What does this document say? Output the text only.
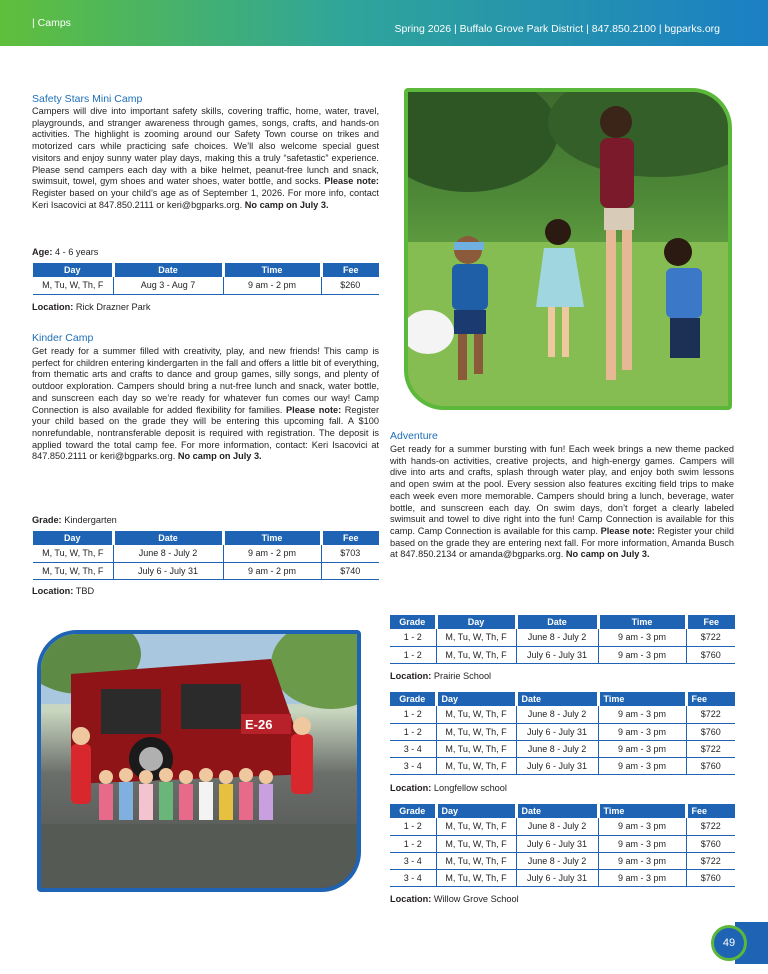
| Camps	Spring 2026 | Buffalo Grove Park District | 847.850.2100 | bgparks.org
Safety Stars Mini Camp
Campers will dive into important safety skills, covering traffic, home, water, travel, playgrounds, and stranger awareness through games, songs, crafts, and hands-on activities. The highlight is zooming around our Safety Town course on trikes and motorized cars while practicing safe choices. We’ll also welcome special guest visitors and enjoy sunny water play days, making this a truly “safetastic” experience. Please send campers each day with a bike helmet, peanut-free lunch and snack, swimsuit, towel, gym shoes and water shoes, water bottle, and socks. Please note: Register based on your child’s age as of September 1, 2026. For more info, contact Keri Isacovici at 847.850.2111 or keri@bgparks.org. No camp on July 3.
Age: 4 - 6 years
Day	Date	Time	Fee
M, Tu, W, Th, F	Aug 3 - Aug 7	9 am - 2 pm	$260
Location: Rick Drazner Park
Kinder Camp
Get ready for a summer filled with creativity, play, and new friends! This camp is perfect for children entering kindergarten in the fall and offers a little bit of everything, from thematic arts and crafts to dance and group games, silly songs, and plenty of outdoor exploration. Campers should bring a nut-free lunch and snack, water bottle, and sunscreen each day so we’re ready for whatever fun comes our way! Camp Connection is also available for added flexibility for families. Please note: Register your child based on the grade they will be entering this upcoming fall. A $100 nonrefundable, nontransferable deposit is required with registration. The deposit is applied toward the total camp fee. For more information, contact: Keri Isacovici at 847.850.2111 or keri@bgparks.org. No camp on July 3.
Grade: Kindergarten
Day	Date	Time	Fee
M, Tu, W, Th, F	June 8 - July 2	9 am - 2 pm	$703
M, Tu, W, Th, F	July 6 - July 31	9 am - 2 pm	$740
Location: TBD
E-26
Adventure
Get ready for a summer bursting with fun! Each week brings a new theme packed with hands-on activities, creative projects, and high-energy games. Campers will dive into arts and crafts, splash through water play, and enjoy both swim lessons and open swim at the pool. Every session also features exciting field trips to make each week even more memorable. Campers should bring a lunch, beverage, water bottle, and sunscreen each day. On swim days, don’t forget a clearly labeled swimsuit and towel to dive right into the fun! Camp Connection is available for this camp. Camp Connection is available for this camp. Please note: Register your child based on the grade they are entering next fall. For more information, Amanda Busch at 847.850.2134 or amanda@bgparks.org. No camp on July 3.
Grade	Day	Date	Time	Fee
1 - 2	M, Tu, W, Th, F	June 8 - July 2	9 am - 3 pm	$722
1 - 2	M, Tu, W, Th, F	July 6 - July 31	9 am - 3 pm	$760
Location: Prairie School
Grade	Day	Date	Time	Fee
1 - 2	M, Tu, W, Th, F	June 8 - July 2	9 am - 3 pm	$722
1 - 2	M, Tu, W, Th, F	July 6 - July 31	9 am - 3 pm	$760
3 - 4	M, Tu, W, Th, F	June 8 - July 2	9 am - 3 pm	$722
3 - 4	M, Tu, W, Th, F	July 6 - July 31	9 am - 3 pm	$760
Location: Longfellow school
Grade	Day	Date	Time	Fee
1 - 2	M, Tu, W, Th, F	June 8 - July 2	9 am - 3 pm	$722
1 - 2	M, Tu, W, Th, F	July 6 - July 31	9 am - 3 pm	$760
3 - 4	M, Tu, W, Th, F	June 8 - July 2	9 am - 3 pm	$722
3 - 4	M, Tu, W, Th, F	July 6 - July 31	9 am - 3 pm	$760
Location: Willow Grove School
49
